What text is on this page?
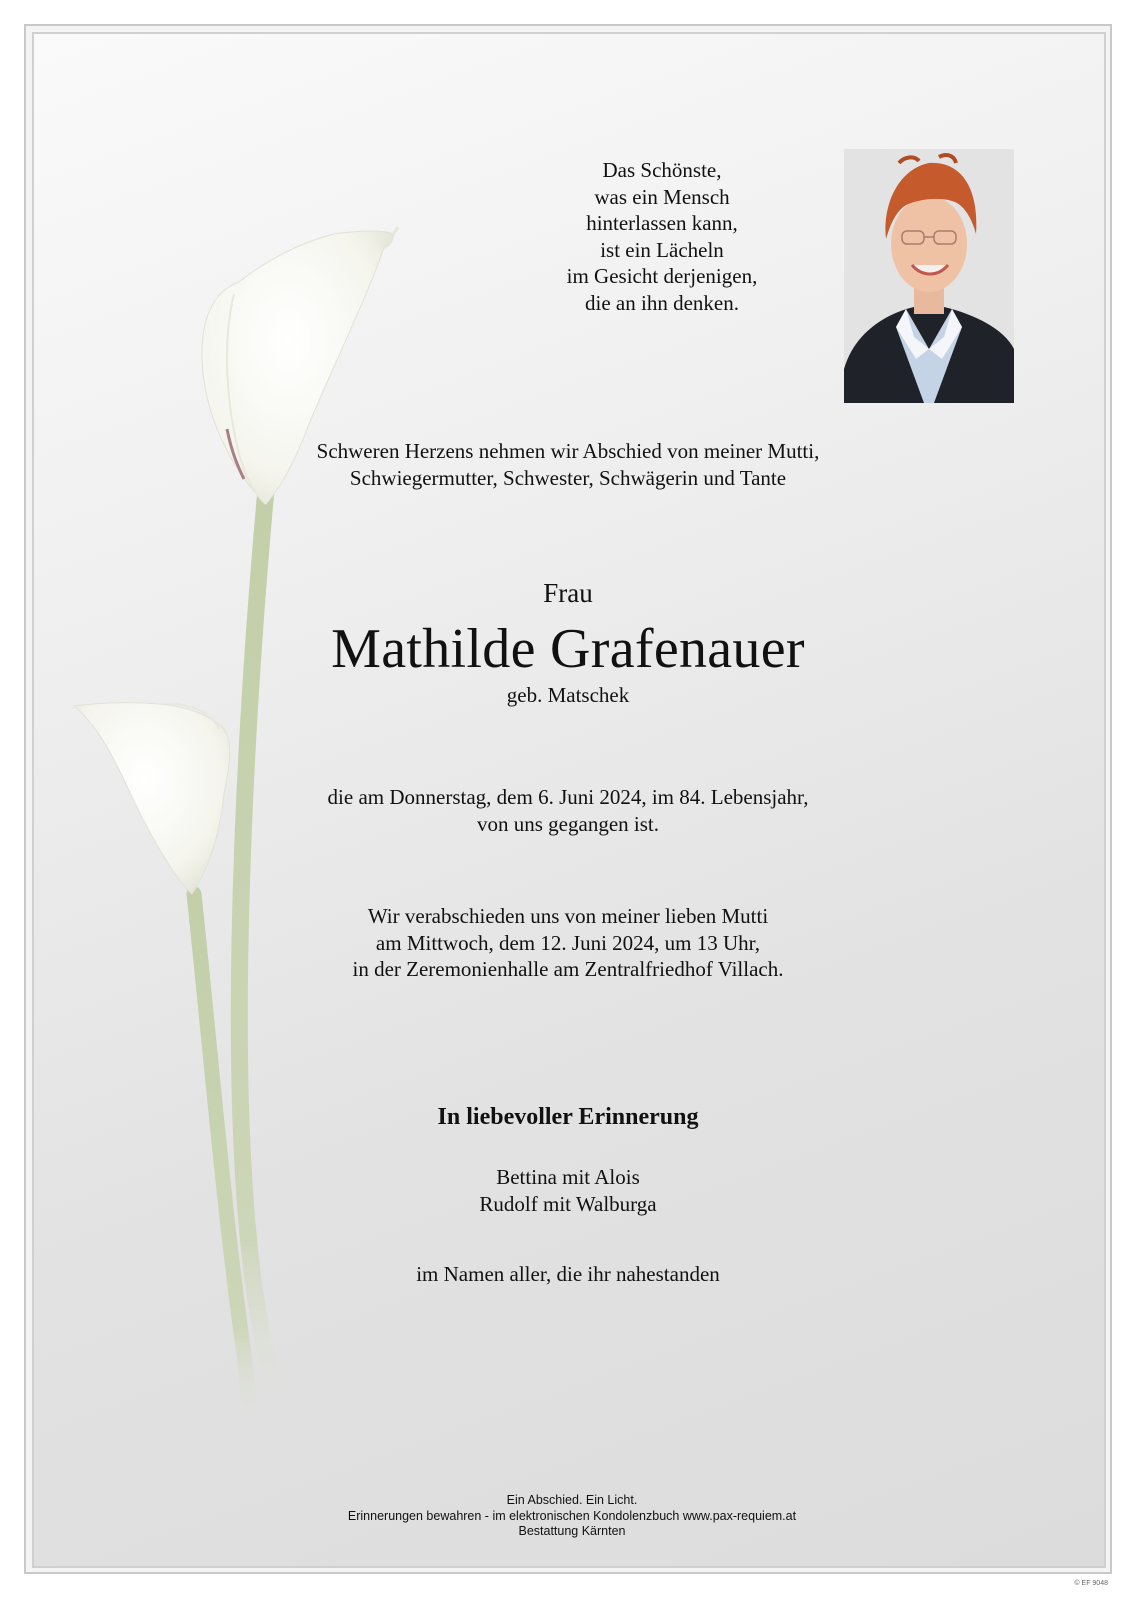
Das Schönste,
was ein Mensch
hinterlassen kann,
ist ein Lächeln
im Gesicht derjenigen,
die an ihn denken.
Schweren Herzens nehmen wir Abschied von meiner Mutti,
Schwiegermutter, Schwester, Schwägerin und Tante
Frau
Mathilde Grafenauer
geb. Matschek
die am Donnerstag, dem 6. Juni 2024, im 84. Lebensjahr,
von uns gegangen ist.
Wir verabschieden uns von meiner lieben Mutti
am Mittwoch, dem 12. Juni 2024, um 13 Uhr,
in der Zeremonienhalle am Zentralfriedhof Villach.
In liebevoller Erinnerung
Bettina mit Alois
Rudolf mit Walburga
im Namen aller, die ihr nahestanden
Ein Abschied. Ein Licht.
Erinnerungen bewahren - im elektronischen Kondolenzbuch www.pax-requiem.at
Bestattung Kärnten
© EF 9048
